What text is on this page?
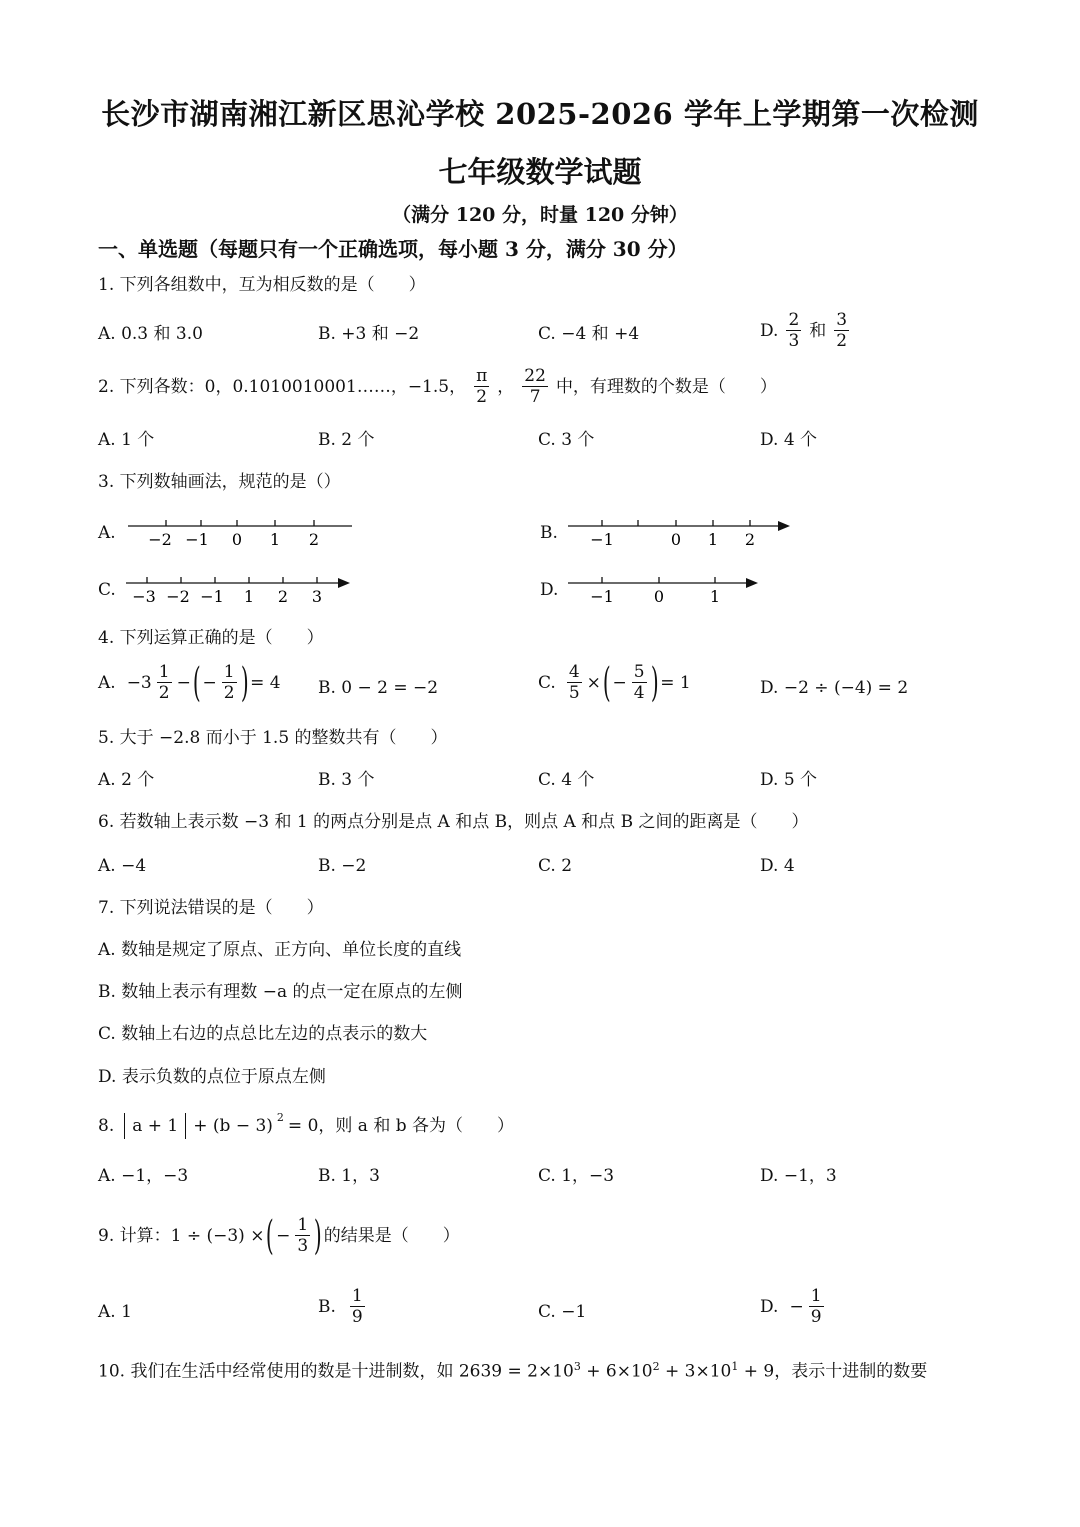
长沙市湖南湘江新区思沁学校 2025-2026 学年上学期第一次检测
七年级数学试题
（满分 120 分，时量 120 分钟）
一、单选题（每题只有一个正确选项，每小题 3 分，满分 30 分）
1. 下列各组数中，互为相反数的是（　　）
A. 0.3 和 3.0	B. +3 和 −2	C. −4 和 +4	D. $\frac{2}{3}$ 和 $\frac{3}{2}$
2. 下列各数：0，0.1010010001……，−1.5， $\frac{\pi}{2}$ ， $\frac{22}{7}$ 中，有理数的个数是（　　）
A. 1 个	B. 2 个	C. 3 个	D. 4 个
3. 下列数轴画法，规范的是（）
A.	B.
C.	D.
−2 −1 0 1 2	−1	0 1 2
−3 −2 −1 1 2 3	−1	0	1
4. 下列运算正确的是（　　）
A. $-3 \frac{1}{2}$ − ( − $\frac{1}{2}$ ) = 4 B. 0 − 2 = −2	C. $\frac{4}{5}$ × ( − $\frac{5}{4}$ ) = 1	D. −2 ÷ (−4) = 2
5. 大于 −2.8 而小于 1.5 的整数共有（　　）
A. 2 个	B. 3 个	C. 4 个	D. 5 个
6. 若数轴上表示数 −3 和 1 的两点分别是点 A 和点 B，则点 A 和点 B 之间的距离是（　　）
A. −4	B. −2	C. 2	D. 4
7. 下列说法错误的是（　　）
A. 数轴是规定了原点、正方向、单位长度的直线
B. 数轴上表示有理数 −a 的点一定在原点的左侧
C. 数轴上右边的点总比左边的点表示的数大
D. 表示负数的点位于原点左侧
8. a + 1 + (b − 3) $^2$ = 0，则 a 和 b 各为（　　）
A. −1，−3	B. 1，3	C. 1，−3	D. −1，3
9. 计算：1 ÷ (−3) × ( − $\frac{1}{3}$ ) 的结果是（　　）
A. 1	B. $\frac{1}{9}$	C. −1	D. − $\frac{1}{9}$
10. 我们在生活中经常使用的数是十进制数，如 $2639 = 2\times 10^3 + 6\times 10^2 + 3\times 10^1 + 9$，表示十进制的数要
